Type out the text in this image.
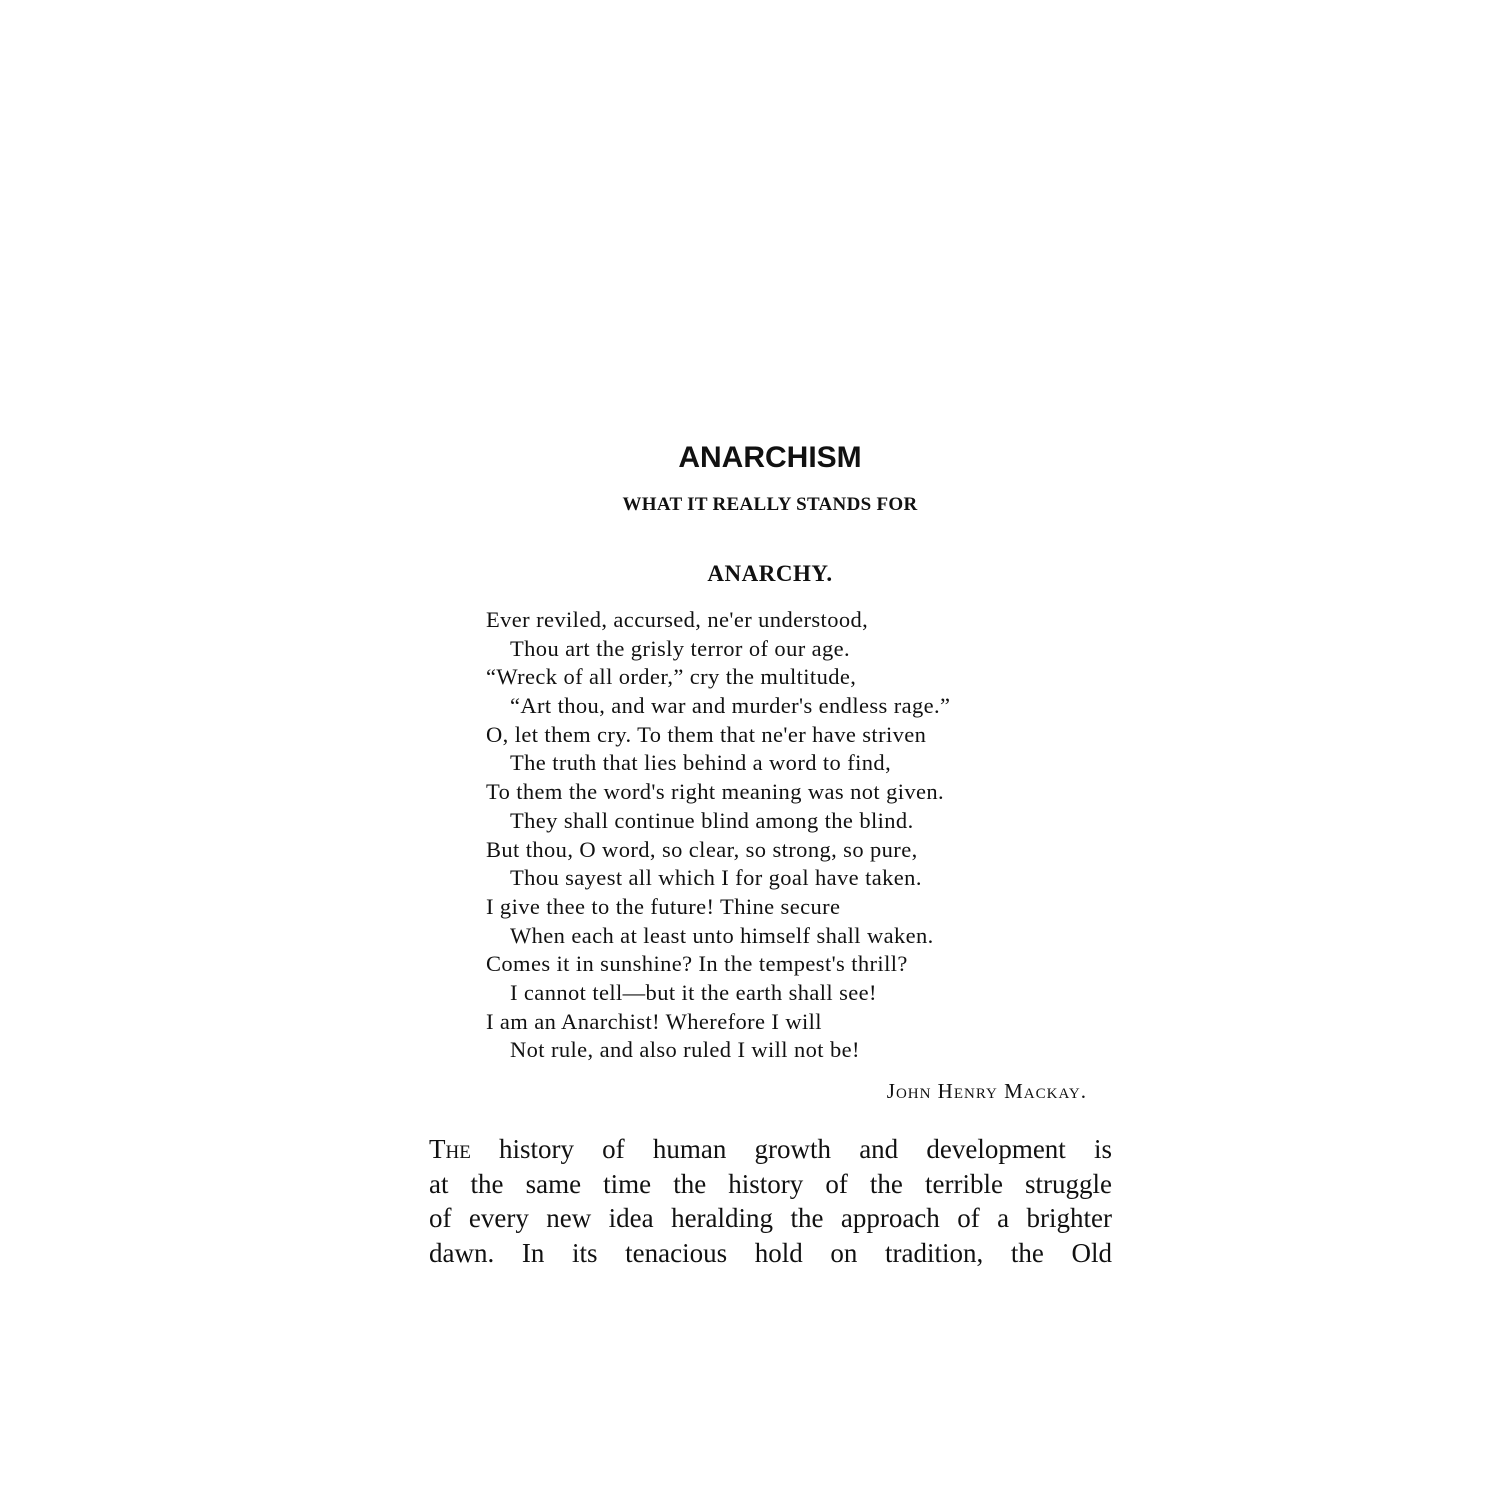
ANARCHISM
WHAT IT REALLY STANDS FOR
ANARCHY.
Ever reviled, accursed, ne'er understood,
Thou art the grisly terror of our age.
“Wreck of all order,” cry the multitude,
“Art thou, and war and murder's endless rage.”
O, let them cry. To them that ne'er have striven
The truth that lies behind a word to find,
To them the word's right meaning was not given.
They shall continue blind among the blind.
But thou, O word, so clear, so strong, so pure,
Thou sayest all which I for goal have taken.
I give thee to the future! Thine secure
When each at least unto himself shall waken.
Comes it in sunshine? In the tempest's thrill?
I cannot tell—but it the earth shall see!
I am an Anarchist! Wherefore I will
Not rule, and also ruled I will not be!

John Henry Mackay.

The history of human growth and development is
at the same time the history of the terrible struggle
of every new idea heralding the approach of a brighter
dawn. In its tenacious hold on tradition, the Old
